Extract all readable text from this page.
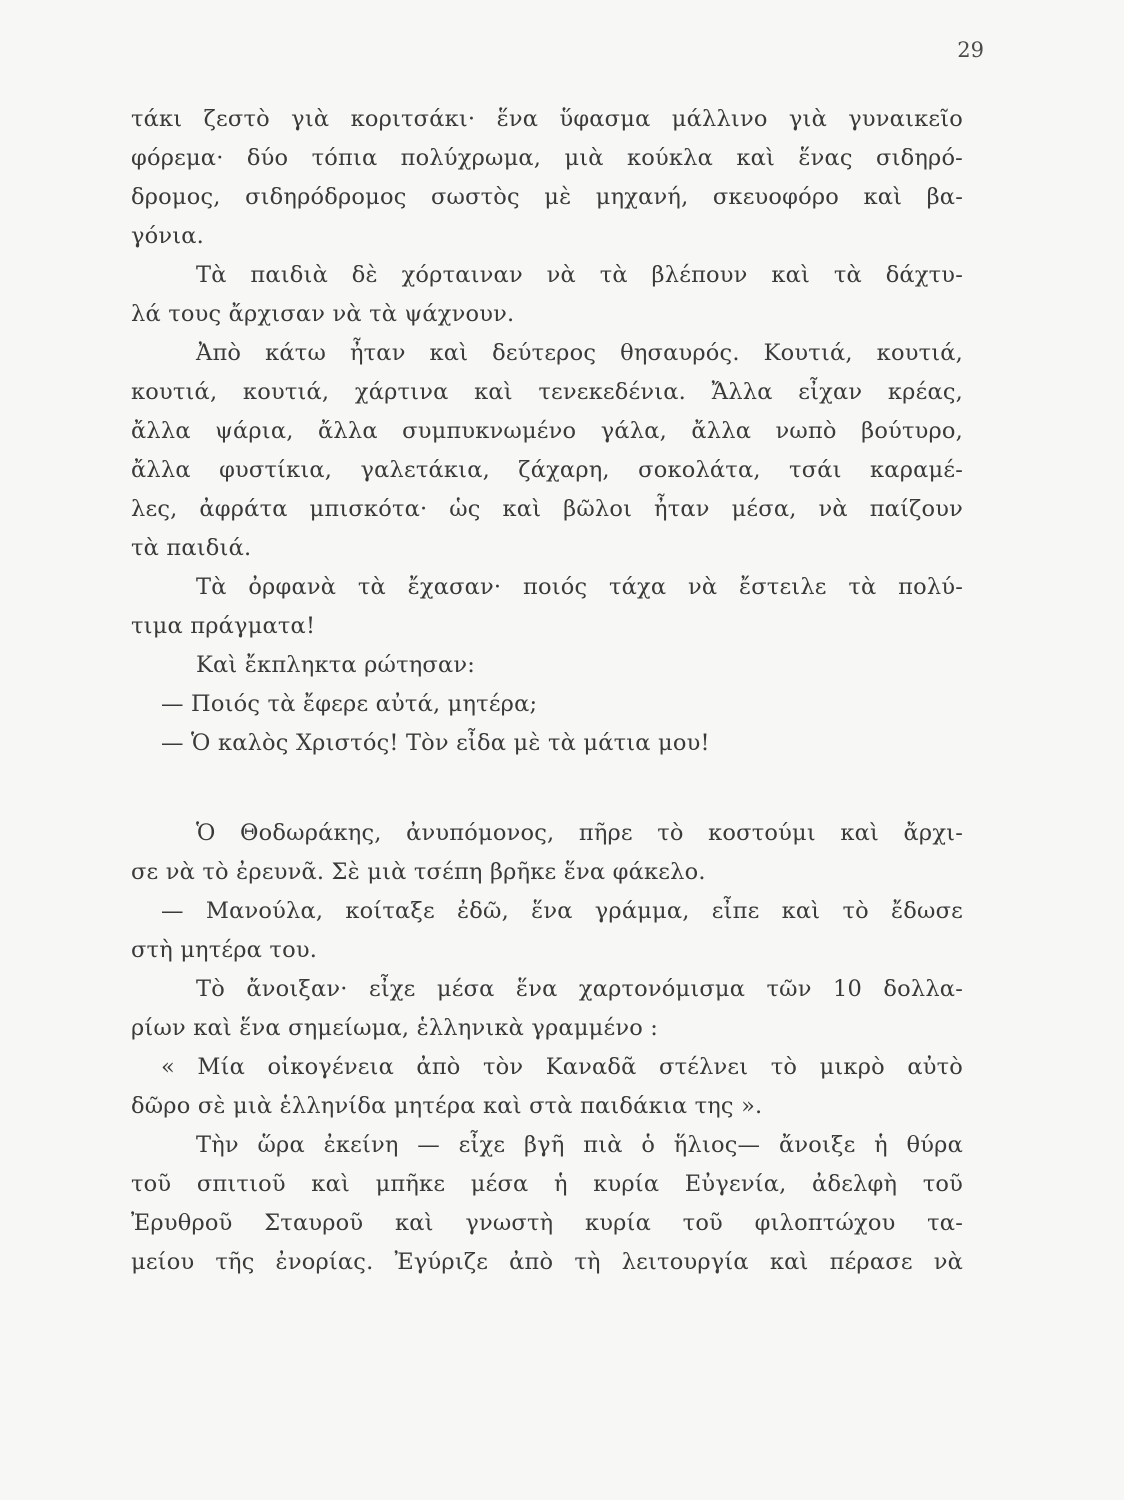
29
τάκι ζεστὸ γιὰ κοριτσάκι· ἕνα ὕφασμα μάλλινο γιὰ γυναικεῖο
φόρεμα· δύο τόπια πολύχρωμα, μιὰ κούκλα καὶ ἕνας σιδηρό-
δρομος, σιδηρόδρομος σωστὸς μὲ μηχανή, σκευοφόρο καὶ βα-
γόνια.
Τὰ παιδιὰ δὲ χόρταιναν νὰ τὰ βλέπουν καὶ τὰ δάχτυ-
λά τους ἄρχισαν νὰ τὰ ψάχνουν.
Ἀπὸ κάτω ἦταν καὶ δεύτερος θησαυρός. Κουτιά, κουτιά,
κουτιά, κουτιά, χάρτινα καὶ τενεκεδένια. Ἄλλα εἶχαν κρέας,
ἄλλα ψάρια, ἄλλα συμπυκνωμένο γάλα, ἄλλα νωπὸ βούτυρο,
ἄλλα φυστίκια, γαλετάκια, ζάχαρη, σοκολάτα, τσάι καραμέ-
λες, ἀφράτα μπισκότα· ὡς καὶ βῶλοι ἦταν μέσα, νὰ παίζουν
τὰ παιδιά.
Τὰ ὀρφανὰ τὰ ἔχασαν· ποιός τάχα νὰ ἔστειλε τὰ πολύ-
τιμα πράγματα!
Καὶ ἔκπληκτα ρώτησαν:
— Ποιός τὰ ἔφερε αὐτά, μητέρα;
— Ὁ καλὸς Χριστός! Τὸν εἶδα μὲ τὰ μάτια μου!
Ὁ Θοδωράκης, ἀνυπόμονος, πῆρε τὸ κοστούμι καὶ ἄρχι-
σε νὰ τὸ ἐρευνᾶ. Σὲ μιὰ τσέπη βρῆκε ἕνα φάκελο.
— Μανούλα, κοίταξε ἐδῶ, ἕνα γράμμα, εἶπε καὶ τὸ ἔδωσε
στὴ μητέρα του.
Τὸ ἄνοιξαν· εἶχε μέσα ἕνα χαρτονόμισμα τῶν 10 δολλα-
ρίων καὶ ἕνα σημείωμα, ἑλληνικὰ γραμμένο :
« Μία οἰκογένεια ἀπὸ τὸν Καναδᾶ στέλνει τὸ μικρὸ αὐτὸ
δῶρο σὲ μιὰ ἑλληνίδα μητέρα καὶ στὰ παιδάκια της ».
Τὴν ὥρα ἐκείνη — εἶχε βγῆ πιὰ ὁ ἥλιος— ἄνοιξε ἡ θύρα
τοῦ σπιτιοῦ καὶ μπῆκε μέσα ἡ κυρία Εὐγενία, ἀδελφὴ τοῦ
Ἐρυθροῦ Σταυροῦ καὶ γνωστὴ κυρία τοῦ φιλοπτώχου τα-
μείου τῆς ἐνορίας. Ἐγύριζε ἀπὸ τὴ λειτουργία καὶ πέρασε νὰ
